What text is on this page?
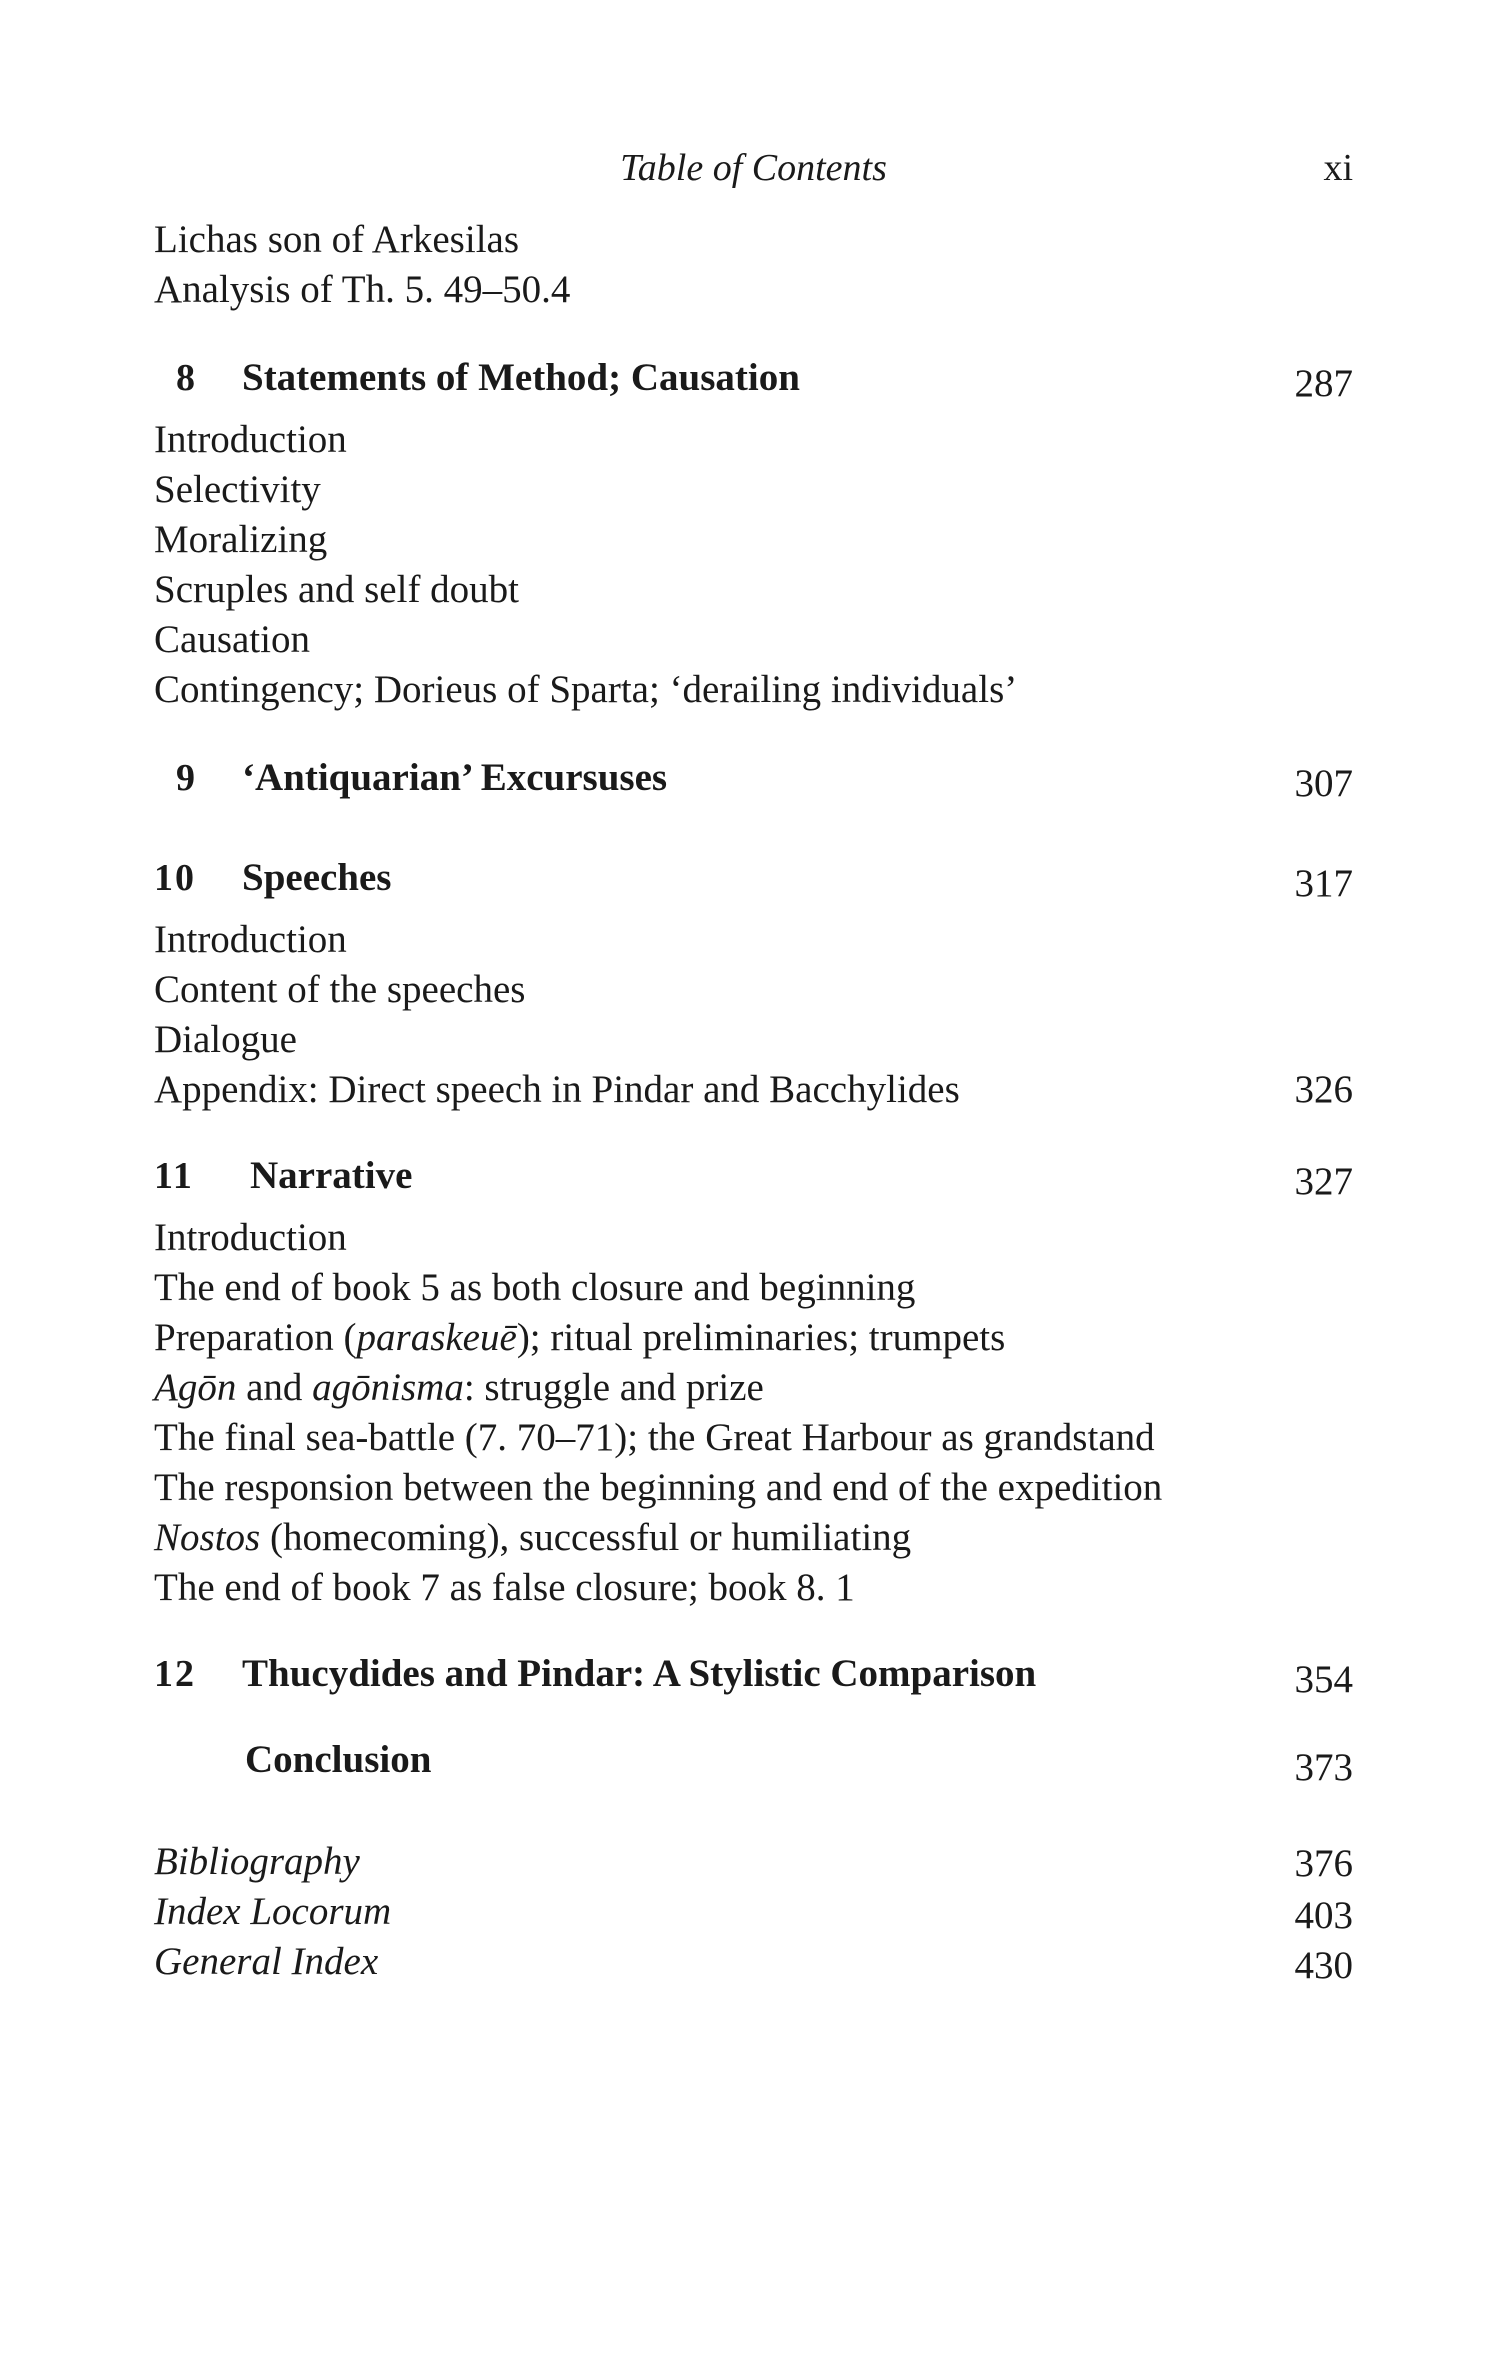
Table of Contents	xi
Lichas son of Arkesilas
Analysis of Th. 5. 49–50.4
8 Statements of Method; Causation	287
Introduction
Selectivity
Moralizing
Scruples and self doubt
Causation
Contingency; Dorieus of Sparta; ‘derailing individuals’
9 ‘Antiquarian’ Excursuses	307
10 Speeches	317
Introduction
Content of the speeches
Dialogue
Appendix: Direct speech in Pindar and Bacchylides	326
11 Narrative	327
Introduction
The end of book 5 as both closure and beginning
Preparation (paraskeuē); ritual preliminaries; trumpets
Agōn and agōnisma: struggle and prize
The final sea-battle (7. 70–71); the Great Harbour as grandstand
The responsion between the beginning and end of the expedition
Nostos (homecoming), successful or humiliating
The end of book 7 as false closure; book 8. 1
12 Thucydides and Pindar: A Stylistic Comparison	354
Conclusion	373
Bibliography	376
Index Locorum	403
General Index	430
